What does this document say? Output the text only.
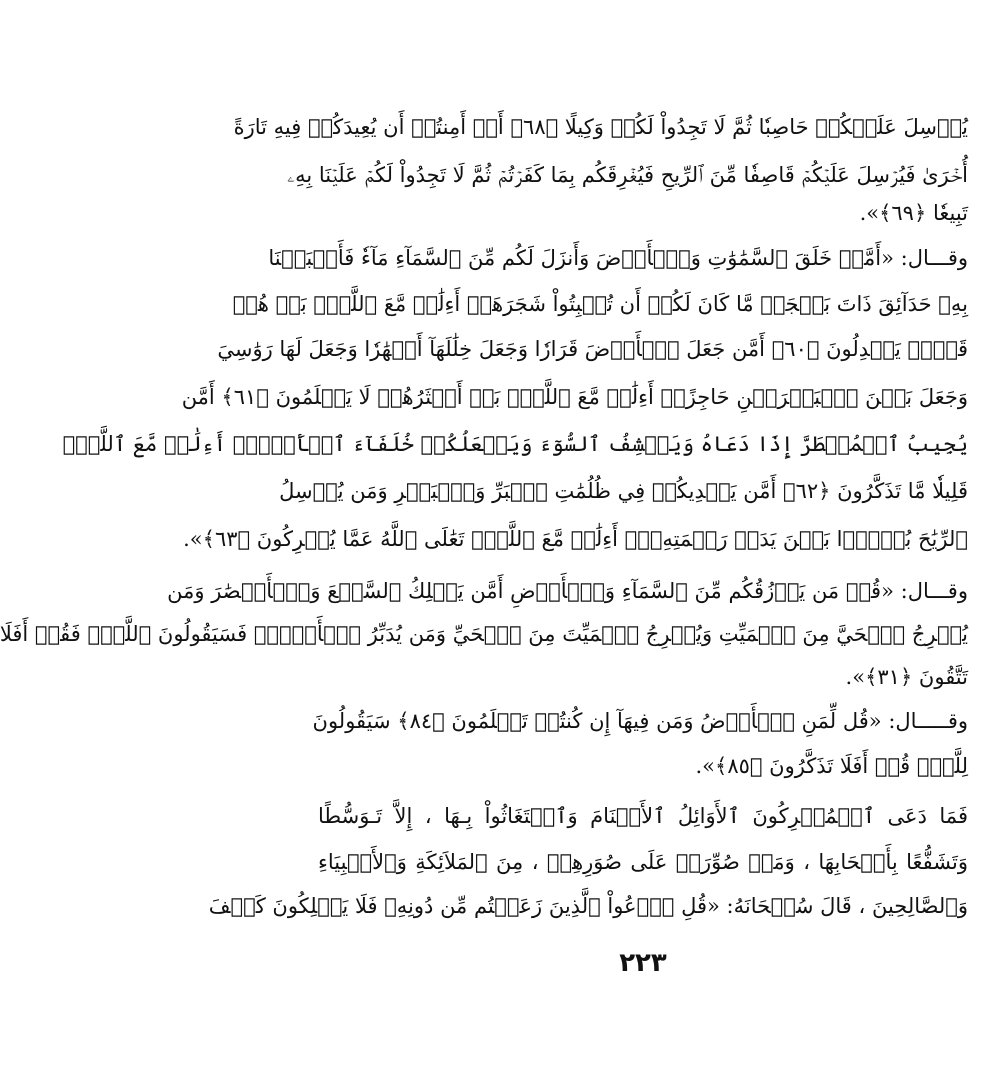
يُرۡسِلَ عَلَيۡكُمۡ حَاصِبٗا ثُمَّ لَا تَجِدُواْ لَكُمۡ وَكِيلًا ﴿٦٨﴾ أَمۡ أَمِنتُمۡ أَن يُعِيدَكُمۡ فِيهِ تَارَةً
أُخۡرَىٰ فَيُرۡسِلَ عَلَيۡكُمۡ قَاصِفٗا مِّنَ ٱلرِّيحِ فَيُغۡرِقَكُم بِمَا كَفَرۡتُمۡ ثُمَّ لَا تَجِدُواْ لَكُمۡ عَلَيۡنَا بِهِۦ
تَبِيعٗا ﴿٦٩﴾».
وقـــال: «أَمَّنۡ خَلَقَ ٱلسَّمَٰوَٰتِ وَٱلۡأَرۡضَ وَأَنزَلَ لَكُم مِّنَ ٱلسَّمَآءِ مَآءٗ فَأَنۢبَتۡنَا
بِهِۦ حَدَآئِقَ ذَاتَ بَهۡجَةٖ مَّا كَانَ لَكُمۡ أَن تُنۢبِتُواْ شَجَرَهَآۗ أَءِلَٰهٞ مَّعَ ٱللَّهِۚ بَلۡ هُمۡ
قَوۡمٞ يَعۡدِلُونَ ﴿٦٠﴾ أَمَّن جَعَلَ ٱلۡأَرۡضَ قَرَارٗا وَجَعَلَ خِلَٰلَهَآ أَنۡهَٰرٗا وَجَعَلَ لَهَا رَوَٰسِيَ
وَجَعَلَ بَيۡنَ ٱلۡبَحۡرَيۡنِ حَاجِزًاۗ أَءِلَٰهٞ مَّعَ ٱللَّهِۚ بَلۡ أَكۡثَرُهُمۡ لَا يَعۡلَمُونَ ﴿٦١﴾ أَمَّن
يُجِيبُ ٱلۡمُضۡطَرَّ إِذَا دَعَاهُ وَيَكۡشِفُ ٱلسُّوٓءَ وَيَجۡعَلُكُمۡ خُلَفَآءَ ٱلۡأَرۡضِۗ أَءِلَٰهٞ مَّعَ ٱللَّهِۚ
قَلِيلٗا مَّا تَذَكَّرُونَ ﴿٦٢﴾ أَمَّن يَهۡدِيكُمۡ فِي ظُلُمَٰتِ ٱلۡبَرِّ وَٱلۡبَحۡرِ وَمَن يُرۡسِلُ
ٱلرِّيَٰحَ بُشۡرَۢا بَيۡنَ يَدَيۡ رَحۡمَتِهِۦٓۗ أَءِلَٰهٞ مَّعَ ٱللَّهِۚ تَعَٰلَى ٱللَّهُ عَمَّا يُشۡرِكُونَ ﴿٦٣﴾».
وقـــال: «قُلۡ مَن يَرۡزُقُكُم مِّنَ ٱلسَّمَآءِ وَٱلۡأَرۡضِ أَمَّن يَمۡلِكُ ٱلسَّمۡعَ وَٱلۡأَبۡصَٰرَ وَمَن
يُخۡرِجُ ٱلۡحَيَّ مِنَ ٱلۡمَيِّتِ وَيُخۡرِجُ ٱلۡمَيِّتَ مِنَ ٱلۡحَيِّ وَمَن يُدَبِّرُ ٱلۡأَمۡرَۚ فَسَيَقُولُونَ ٱللَّهُۚ فَقُلۡ أَفَلَا
تَتَّقُونَ ﴿٣١﴾».
وقـــــال: «قُل لِّمَنِ ٱلۡأَرۡضُ وَمَن فِيهَآ إِن كُنتُمۡ تَعۡلَمُونَ ﴿٨٤﴾ سَيَقُولُونَ
لِلَّهِۚ قُلۡ أَفَلَا تَذَكَّرُونَ ﴿٨٥﴾».
فَمَا دَعَى ٱلۡمُشۡرِكُونَ ٱلأَوَائِلُ ٱلأَصۡنَامَ وَٱسۡتَغَاثُواْ بِـهَا ، إِلاَّ تَـوَسُّطًا
وَتَشَفُّعًا بِأَصۡحَابِهَا ، وَمَنۡ صُوِّرَتۡ عَلَى صُوَرِهِمۡ ، مِنَ ٱلمَلاَئِكَةِ وَٱلأَنۢبِيَاءِ
وَٱلصَّالِحِينَ ، قَالَ سُبۡحَانَهُ: «قُلِ ٱدۡعُواْ ٱلَّذِينَ زَعَمۡتُم مِّن دُونِهِۦ فَلَا يَمۡلِكُونَ كَشۡفَ
٢٢٣
